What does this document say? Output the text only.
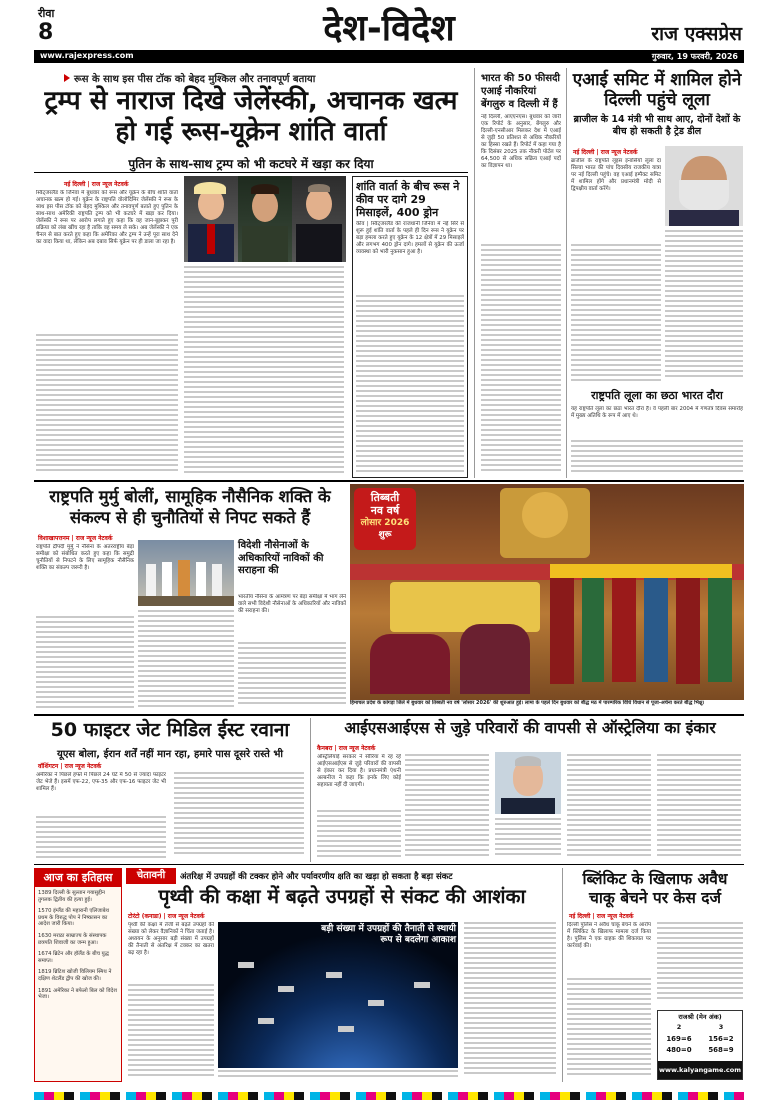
रीवा
8	देश-विदेश	राज एक्सप्रेस
www.rajexpress.com	गुरुवार, 19 फरवरी, 2026
रूस के साथ इस पीस टॉक को बेहद मुश्किल और तनावपूर्ण बताया
ट्रम्प से नाराज दिखे जेलेंस्की, अचानक खत्म हो गई रूस-यूक्रेन शांति वार्ता
पुतिन के साथ-साथ ट्रम्प को भी कटघरे में खड़ा कर दिया
नई दिल्ली | राज न्यूज नेटवर्क
स्विट्जरलैंड के जिनेवा में बुधवार को रूस और यूक्रेन के बीच शांति वार्ता अचानक खत्म हो गई। यूक्रेन के राष्ट्रपति वोलोदिमिर जेलेंस्की ने रूस के साथ इस पीस टॉक को बेहद मुश्किल और तनावपूर्ण बताते हुए पुतिन के साथ-साथ अमेरिकी राष्ट्रपति ट्रम्प को भी कटघरे में खड़ा कर दिया। जेलेंस्की ने रूस पर आरोप लगाते हुए कहा कि वह जान-बूझकर पूरी प्रक्रिया को लंबा खींच रहा है ताकि वह समय ले सके। अब जेलेंस्की ने एक चैनल से बात करते हुए कहा कि अमेरिका और ट्रम्प ने उन्हें पूरा साथ देने का वादा किया था, लेकिन अब दबाव सिर्फ यूक्रेन पर ही डाला जा रहा है।
शांति वार्ता के बीच रूस ने कीव पर दागे 29 मिसाइलें, 400 ड्रोन
कीव | स्विट्जरलैंड की राजधानी जिनेवा में नई सिरे से शुरू हुई शांति वार्ता के पहले ही दिन रूस ने यूक्रेन पर बड़ा हमला करते हुए यूक्रेन के 12 क्षेत्रों में 29 मिसाइलें और लगभग 400 ड्रोन दागे। हमलों से यूक्रेन की ऊर्जा व्यवस्था को भारी नुकसान हुआ है।
भारत की 50 फीसदी एआई नौकरियां बेंगलुरु व दिल्ली में हैं
नई दिल्ली, आएएनएस। बुधवार को जारी एक रिपोर्ट के अनुसार, बेंगलुरु और दिल्ली-एनसीआर मिलकर देश में एआई से जुड़ी 50 प्रतिशत से अधिक नौकरियों का हिस्सा रखते हैं। रिपोर्ट में कहा गया है कि दिसंबर 2025 तक नौकरी पोर्टल पर 64,500 से अधिक सक्रिय एआई पदों का विज्ञापन था।
एआई समिट में शामिल होने दिल्ली पहुंचे लूला
ब्राजील के 14 मंत्री भी साथ आए, दोनों देशों के बीच हो सकती है ट्रेड डील
नई दिल्ली | राज न्यूज नेटवर्क
ब्राजील के राष्ट्रपति लूइस इनासियो लूला दा सिल्वा भारत की पांच दिवसीय राजकीय यात्रा पर नई दिल्ली पहुंचे। वह एआई इम्पैक्ट समिट में शामिल होंगे और प्रधानमंत्री मोदी से द्विपक्षीय वार्ता करेंगे।
राष्ट्रपति लूला का छठा भारत दौरा
यह राष्ट्रपति लूला का छठा भारत दौरा है। वे पहली बार 2004 में गणतंत्र दिवस समारोह में मुख्य अतिथि के रूप में आए थे।
राष्ट्रपति मुर्मु बोलीं, सामूहिक नौसैनिक शक्ति के संकल्प से ही चुनौतियों से निपट सकते हैं
विशाखापत्तनम | राज न्यूज नेटवर्क
राष्ट्रपति द्रौपदी मुर्मु ने नौसेना के अंतरराष्ट्रीय बेड़ा समीक्षा को संबोधित करते हुए कहा कि समुद्री चुनौतियों से निपटने के लिए सामूहिक नौसैनिक शक्ति का संकल्प जरूरी है।
विदेशी नौसेनाओं के अधिकारियों नाविकों की सराहना की
भारतीय नौसेना के आमंत्रण पर बेड़ा समीक्षा में भाग लेने वाले सभी विदेशी नौसेनाओं के अधिकारियों और नाविकों की सराहना की।
तिब्बती
नव वर्ष
लोसार 2026
शुरू
हिमाचल प्रदेश के कांगड़ा जिले में बुधवार को तिब्बती नव वर्ष 'लोसार 2026' की शुरुआत हुई। लामा के पहले दिन बुधवार को बौद्ध मठ में पारम्परिक विधि विधान से पूजा-अर्चना करते बौद्ध भिक्षु।
50 फाइटर जेट मिडिल ईस्ट रवाना
यूएस बोला, ईरान शर्तें नहीं मान रहा, हमारे पास दूसरे रास्ते भी
वॉशिंगटन | राज न्यूज नेटवर्क
अमेरिका ने पिछले हफ्ते में पिछले 24 घंटे में 50 से ज्यादा फाइटर जेट भेजे हैं। इसमें एफ-22, एफ-35 और एफ-16 फाइटर जेट भी शामिल हैं।
आईएसआईएस से जुड़े परिवारों की वापसी से ऑस्ट्रेलिया का इंकार
कैनबरा | राज न्यूज नेटवर्क
ऑस्ट्रेलियाई सरकार ने सीरिया में रह रहे आईएसआईएस से जुड़े परिवारों की वापसी से इंकार कर दिया है। प्रधानमंत्री एंथनी अल्बनीज ने कहा कि इनके लिए कोई सहायता नहीं दी जाएगी।
आज का इतिहास
1389 दिल्ली के सुल्तान गयासुद्दीन तुगलक द्वितीय की हत्या हुई।
1570 इंग्लैंड की महारानी एलिजाबेथ प्रथम के विरुद्ध पोप ने निष्कासन का आदेश जारी किया।
1630 मराठा साम्राज्य के संस्थापक छत्रपति शिवाजी का जन्म हुआ।
1674 ब्रिटेन और हॉलैंड के बीच युद्ध समाप्त।
1819 ब्रिटिश खोजी विलियम स्मिथ ने दक्षिण शेटलैंड द्वीप की खोज की।
1891 अमेरिका ने बफेलो बिल को विदेश भेजा।
चेतावनी	अंतरिक्ष में उपग्रहों की टक्कर होने और पर्यावरणीय क्षति का खड़ा हो सकता है बड़ा संकट
पृथ्वी की कक्षा में बढ़ते उपग्रहों से संकट की आशंका
टोरंटो (कनाडा) | राज न्यूज नेटवर्क
पृथ्वी की कक्षा में तेजी से बढ़ते उपग्रहों की संख्या को लेकर वैज्ञानिकों ने चिंता जताई है। अध्ययन के अनुसार बड़ी संख्या में उपग्रहों की तैनाती से अंतरिक्ष में टक्कर का खतरा बढ़ रहा है।
बड़ी संख्या में उपग्रहों की तैनाती से स्थायी रूप से बदलेगा आकाश
ब्लिंकिट के खिलाफ अवैध चाकू बेचने पर केस दर्ज
नई दिल्ली | राज न्यूज नेटवर्क
दिल्ली पुलिस ने अवैध चाकू बेचने के आरोप में ब्लिंकिट के खिलाफ मामला दर्ज किया है। पुलिस ने एक ग्राहक की शिकायत पर कार्रवाई की।
राजश्री (मेन अंक)
2	3
169=6	156=2
480=0	568=9
www.kalyangame.com
